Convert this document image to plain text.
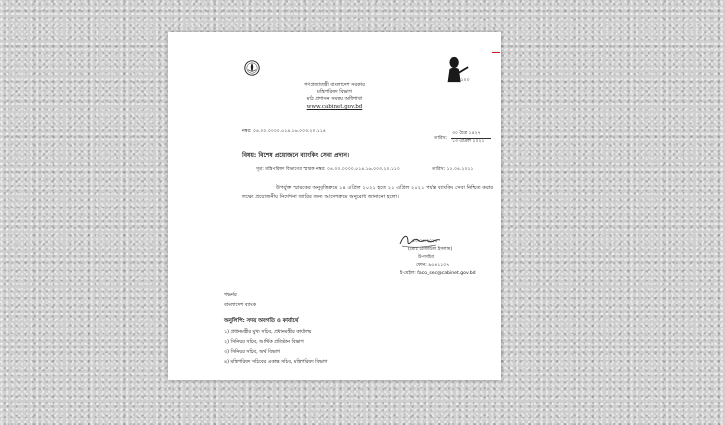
১০০
গণপ্রজাতন্ত্রী বাংলাদেশ সরকার
মন্ত্রিপরিষদ বিভাগ
মাঠ প্রশাসন সমন্বয় অধিশাখা
www.cabinet.gov.bd
নম্বর: ০৪.০০.০০০০.৫১৪.১৬.০০৩.২০.১১৪
তারিখ:
৩০ চৈত্র ১৪২৭
১৩ এপ্রিল ২০২১
বিষয়: বিশেষ প্রয়োজনে ব্যাংকিং সেবা প্রদান।
সূত্র: মন্ত্রিপরিষদ বিভাগের স্মারক নম্বর: ০৪.০০.০০০০.৫১৪.১৬.০০৩.২০.১১০	তারিখ: ১২.০৪.২০২১
উপর্যুক্ত স্মারকের অনুবৃত্তিক্রমে ১৪ এপ্রিল ২০২১ হতে ২১ এপ্রিল ২০২১ পর্যন্ত ব্যাংকিং সেবা নিশ্চিত করার
লক্ষ্যে প্রয়োজনীয় নির্দেশনা জারির জন্য আদেশক্রমে অনুরোধ জানানো হলো।
১৩.০৪.২০২১
(মোঃ রেজাউল ইসলাম)
উপসচিব
ফোন: ৯৫৪১১০৭
ই-মেইল: faco_sec@cabinet.gov.bd
গভর্নর
বাংলাদেশ ব্যাংক
অনুলিপি: সদয় অবগতি ও কার্যার্থে
১) প্রধানমন্ত্রীর মুখ্য সচিব, প্রধানমন্ত্রীর কার্যালয়
২) সিনিয়র সচিব, আর্থিক প্রতিষ্ঠান বিভাগ
৩) সিনিয়র সচিব, অর্থ বিভাগ
৪) মন্ত্রিপরিষদ সচিবের একান্ত সচিব, মন্ত্রিপরিষদ বিভাগ
